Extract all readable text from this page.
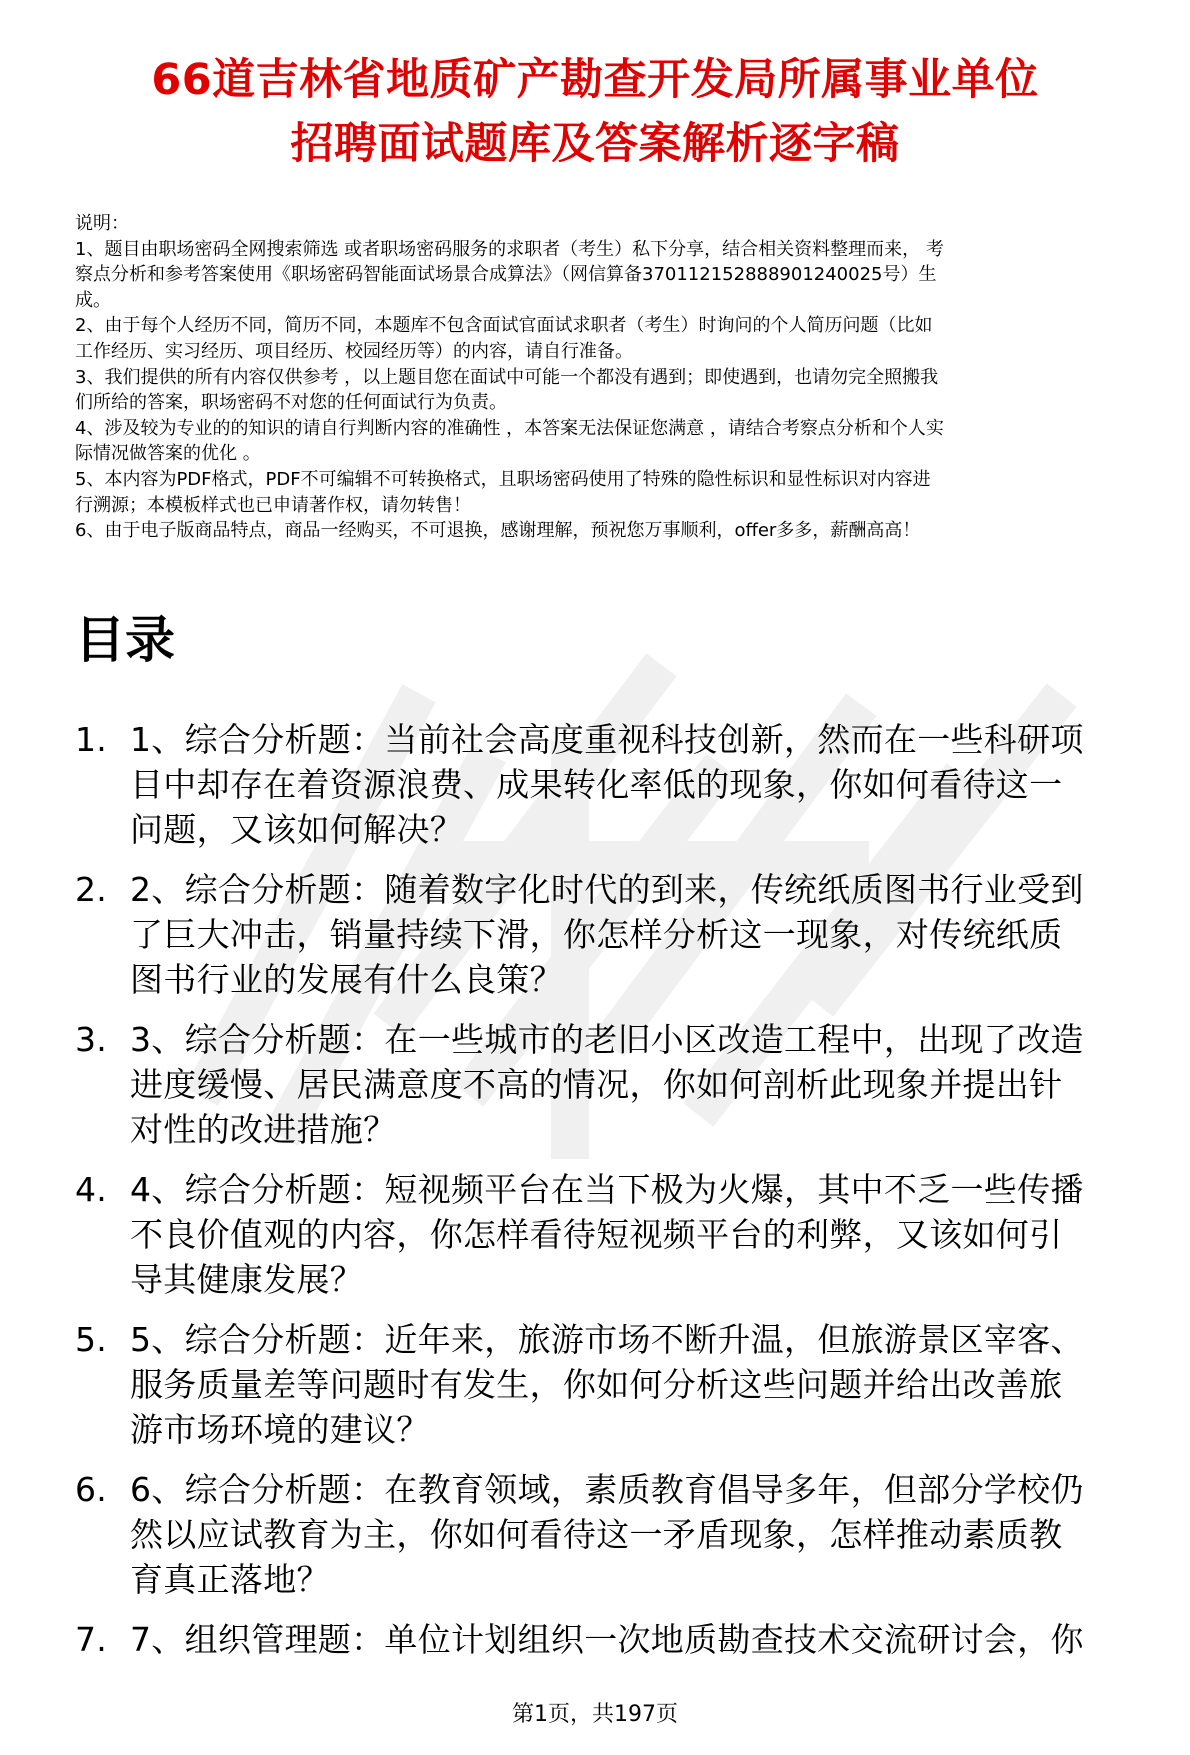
66道吉林省地质矿产勘查开发局所属事业单位
招聘面试题库及答案解析逐字稿
说明：
1、题目由职场密码全网搜索筛选 或者职场密码服务的求职者（考生）私下分享，结合相关资料整理而来， 考
察点分析和参考答案使用《职场密码智能面试场景合成算法》（网信算备370112152888901240025号）生
成。
2、由于每个人经历不同，简历不同，本题库不包含面试官面试求职者（考生）时询问的个人简历问题（比如
工作经历、实习经历、项目经历、校园经历等）的内容，请自行准备。
3、我们提供的所有内容仅供参考 ，以上题目您在面试中可能一个都没有遇到；即使遇到，也请勿完全照搬我
们所给的答案，职场密码不对您的任何面试行为负责。
4、涉及较为专业的的知识的请自行判断内容的准确性 ，本答案无法保证您满意 ，请结合考察点分析和个人实
际情况做答案的优化 。
5、本内容为PDF格式，PDF不可编辑不可转换格式，且职场密码使用了特殊的隐性标识和显性标识对内容进
行溯源；本模板样式也已申请著作权，请勿转售！
6、由于电子版商品特点，商品一经购买，不可退换，感谢理解，预祝您万事顺利，offer多多，薪酬高高！
目录
1. 1、综合分析题：当前社会高度重视科技创新，然而在一些科研项
目中却存在着资源浪费、成果转化率低的现象，你如何看待这一
问题，又该如何解决？
2. 2、综合分析题：随着数字化时代的到来，传统纸质图书行业受到
了巨大冲击，销量持续下滑，你怎样分析这一现象，对传统纸质
图书行业的发展有什么良策？
3. 3、综合分析题：在一些城市的老旧小区改造工程中，出现了改造
进度缓慢、居民满意度不高的情况，你如何剖析此现象并提出针
对性的改进措施？
4. 4、综合分析题：短视频平台在当下极为火爆，其中不乏一些传播
不良价值观的内容，你怎样看待短视频平台的利弊，又该如何引
导其健康发展？
5. 5、综合分析题：近年来，旅游市场不断升温，但旅游景区宰客、
服务质量差等问题时有发生，你如何分析这些问题并给出改善旅
游市场环境的建议？
6. 6、综合分析题：在教育领域，素质教育倡导多年，但部分学校仍
然以应试教育为主，你如何看待这一矛盾现象，怎样推动素质教
育真正落地？
7. 7、组织管理题：单位计划组织一次地质勘查技术交流研讨会，你
第1页，共197页
